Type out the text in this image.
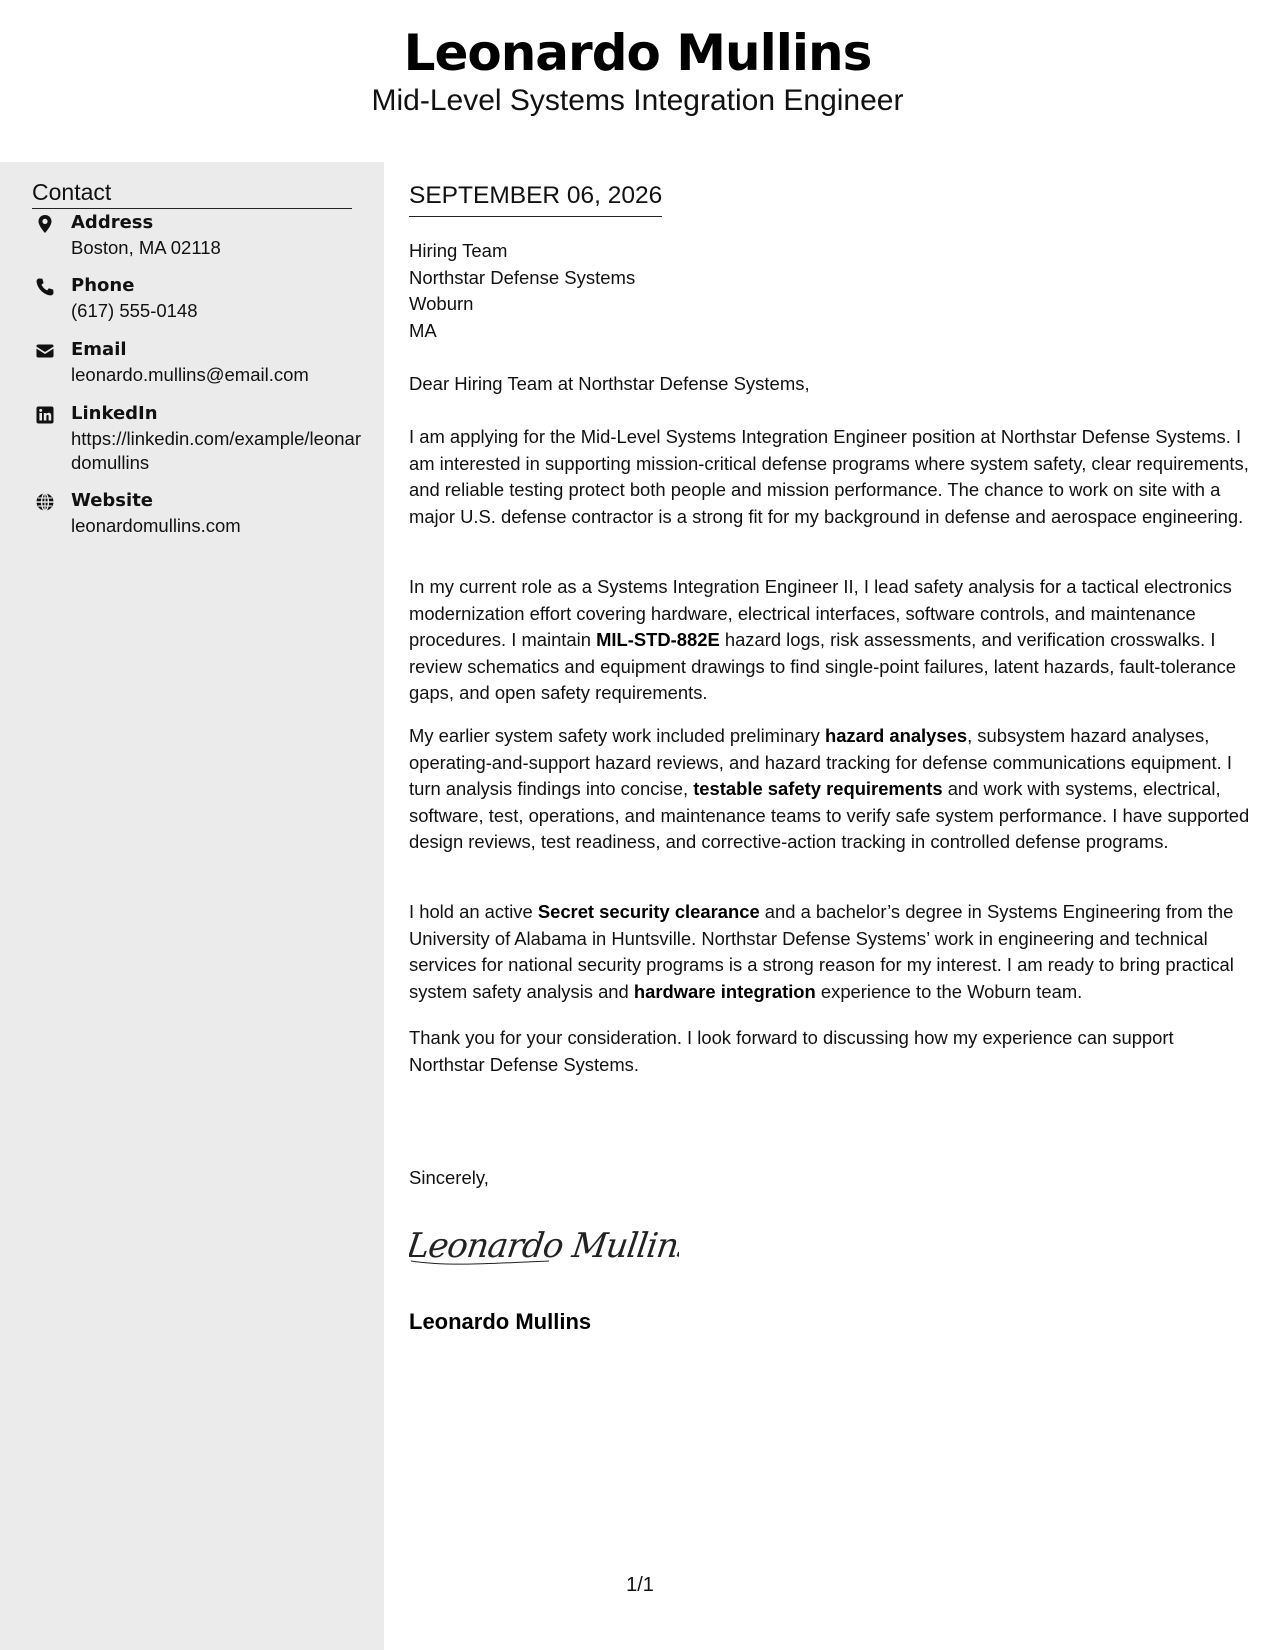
Leonardo Mullins
Mid-Level Systems Integration Engineer
Contact
Address
Boston, MA 02118
Phone
(617) 555-0148
Email
leonardo.mullins@email.com
LinkedIn
https://linkedin.com/example/leonardomullins
Website
leonardomullins.com
SEPTEMBER 06, 2026
Hiring Team
Northstar Defense Systems
Woburn
MA
Dear Hiring Team at Northstar Defense Systems,
I am applying for the Mid-Level Systems Integration Engineer position at Northstar Defense Systems. I am interested in supporting mission-critical defense programs where system safety, clear requirements, and reliable testing protect both people and mission performance. The chance to work on site with a major U.S. defense contractor is a strong fit for my background in defense and aerospace engineering.
In my current role as a Systems Integration Engineer II, I lead safety analysis for a tactical electronics modernization effort covering hardware, electrical interfaces, software controls, and maintenance procedures. I maintain MIL-STD-882E hazard logs, risk assessments, and verification crosswalks. I review schematics and equipment drawings to find single-point failures, latent hazards, fault-tolerance gaps, and open safety requirements.
My earlier system safety work included preliminary hazard analyses, subsystem hazard analyses, operating-and-support hazard reviews, and hazard tracking for defense communications equipment. I turn analysis findings into concise, testable safety requirements and work with systems, electrical, software, test, operations, and maintenance teams to verify safe system performance. I have supported design reviews, test readiness, and corrective-action tracking in controlled defense programs.
I hold an active Secret security clearance and a bachelor’s degree in Systems Engineering from the University of Alabama in Huntsville. Northstar Defense Systems’ work in engineering and technical services for national security programs is a strong reason for my interest. I am ready to bring practical system safety analysis and hardware integration experience to the Woburn team.
Thank you for your consideration. I look forward to discussing how my experience can support Northstar Defense Systems.
Sincerely,
Leonardo Mullins
Leonardo Mullins
1/1
